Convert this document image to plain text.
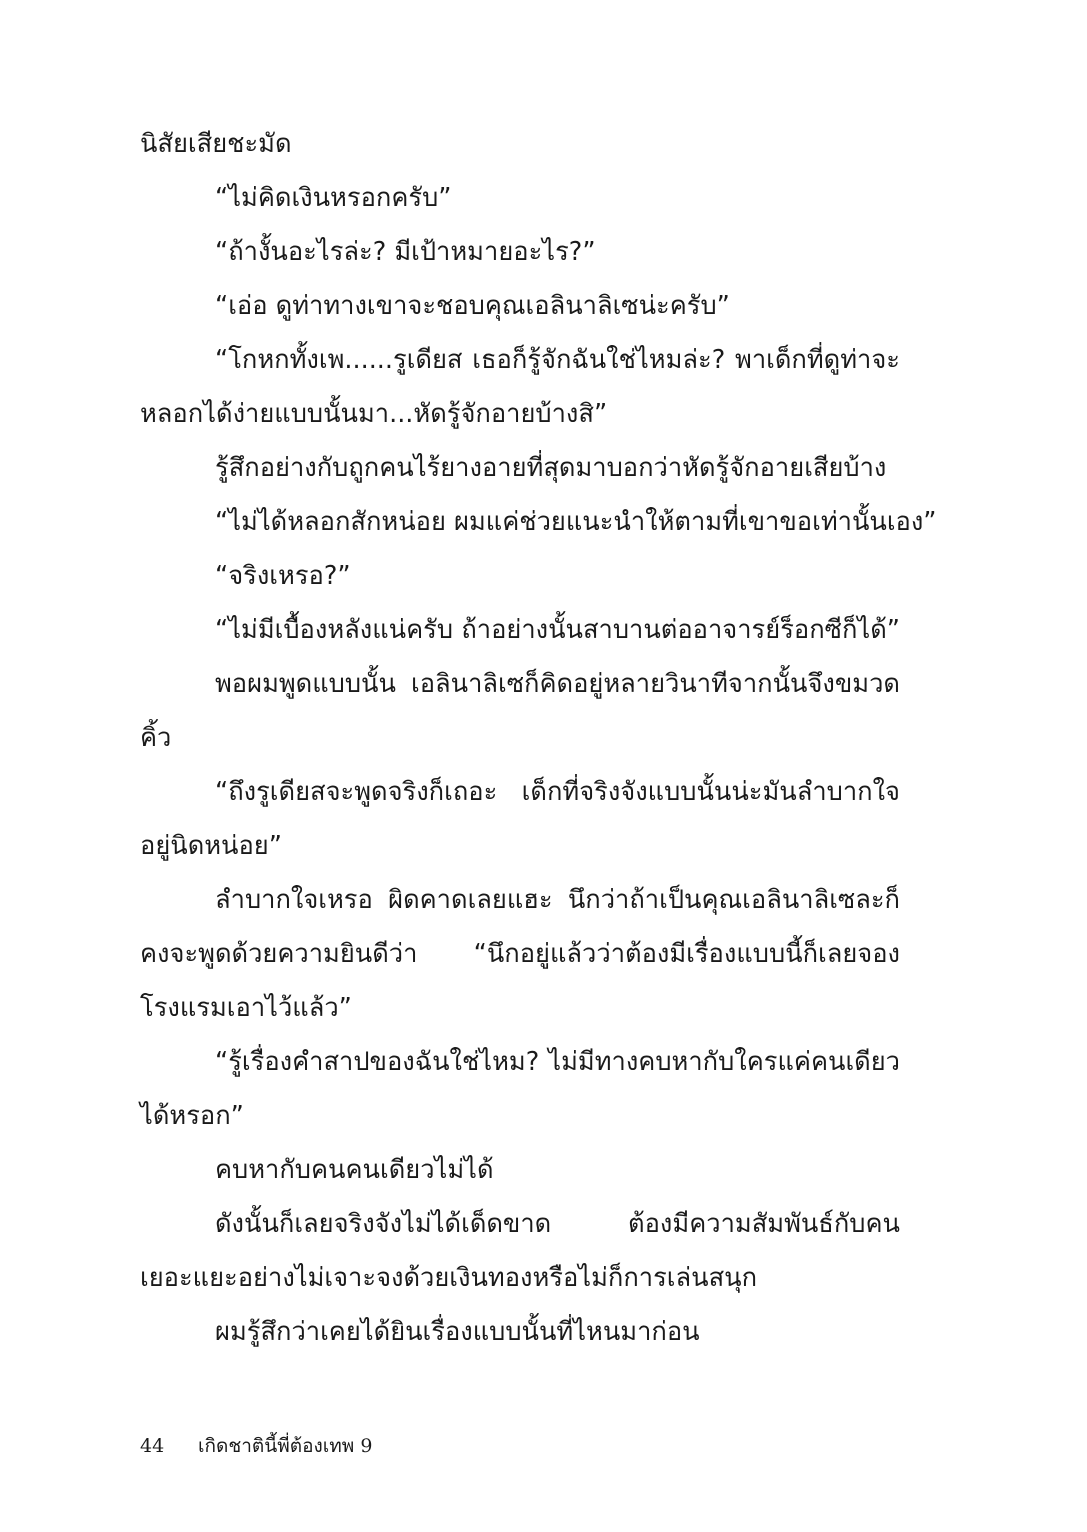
นิสัยเสียชะมัด
“ไม่คิดเงินหรอกครับ”
“ถ้างั้นอะไรล่ะ? มีเป้าหมายอะไร?”
“เอ่อ ดูท่าทางเขาจะชอบคุณเอลินาลิเซน่ะครับ”
“โกหกทั้งเพ......รูเดียส เธอก็รู้จักฉันใช่ไหมล่ะ? พาเด็กที่ดูท่าจะ
หลอกได้ง่ายแบบนั้นมา...หัดรู้จักอายบ้างสิ”
รู้สึกอย่างกับถูกคนไร้ยางอายที่สุดมาบอกว่าหัดรู้จักอายเสียบ้าง
“ไม่ได้หลอกสักหน่อย ผมแค่ช่วยแนะนำให้ตามที่เขาขอเท่านั้นเอง”
“จริงเหรอ?”
“ไม่มีเบื้องหลังแน่ครับ ถ้าอย่างนั้นสาบานต่ออาจารย์ร็อกซีก็ได้”
พอผมพูดแบบนั้น เอลินาลิเซก็คิดอยู่หลายวินาทีจากนั้นจึงขมวด
คิ้ว
“ถึงรูเดียสจะพูดจริงก็เถอะ เด็กที่จริงจังแบบนั้นน่ะมันลำบากใจ
อยู่นิดหน่อย”
ลำบากใจเหรอ ผิดคาดเลยแฮะ นึกว่าถ้าเป็นคุณเอลินาลิเซละก็
คงจะพูดด้วยความยินดีว่า “นึกอยู่แล้วว่าต้องมีเรื่องแบบนี้ก็เลยจอง
โรงแรมเอาไว้แล้ว”
“รู้เรื่องคำสาปของฉันใช่ไหม? ไม่มีทางคบหากับใครแค่คนเดียว
ได้หรอก”
คบหากับคนคนเดียวไม่ได้
ดังนั้นก็เลยจริงจังไม่ได้เด็ดขาด ต้องมีความสัมพันธ์กับคน
เยอะแยะอย่างไม่เจาะจงด้วยเงินทองหรือไม่ก็การเล่นสนุก
ผมรู้สึกว่าเคยได้ยินเรื่องแบบนั้นที่ไหนมาก่อน
44 เกิดชาตินี้พี่ต้องเทพ 9
